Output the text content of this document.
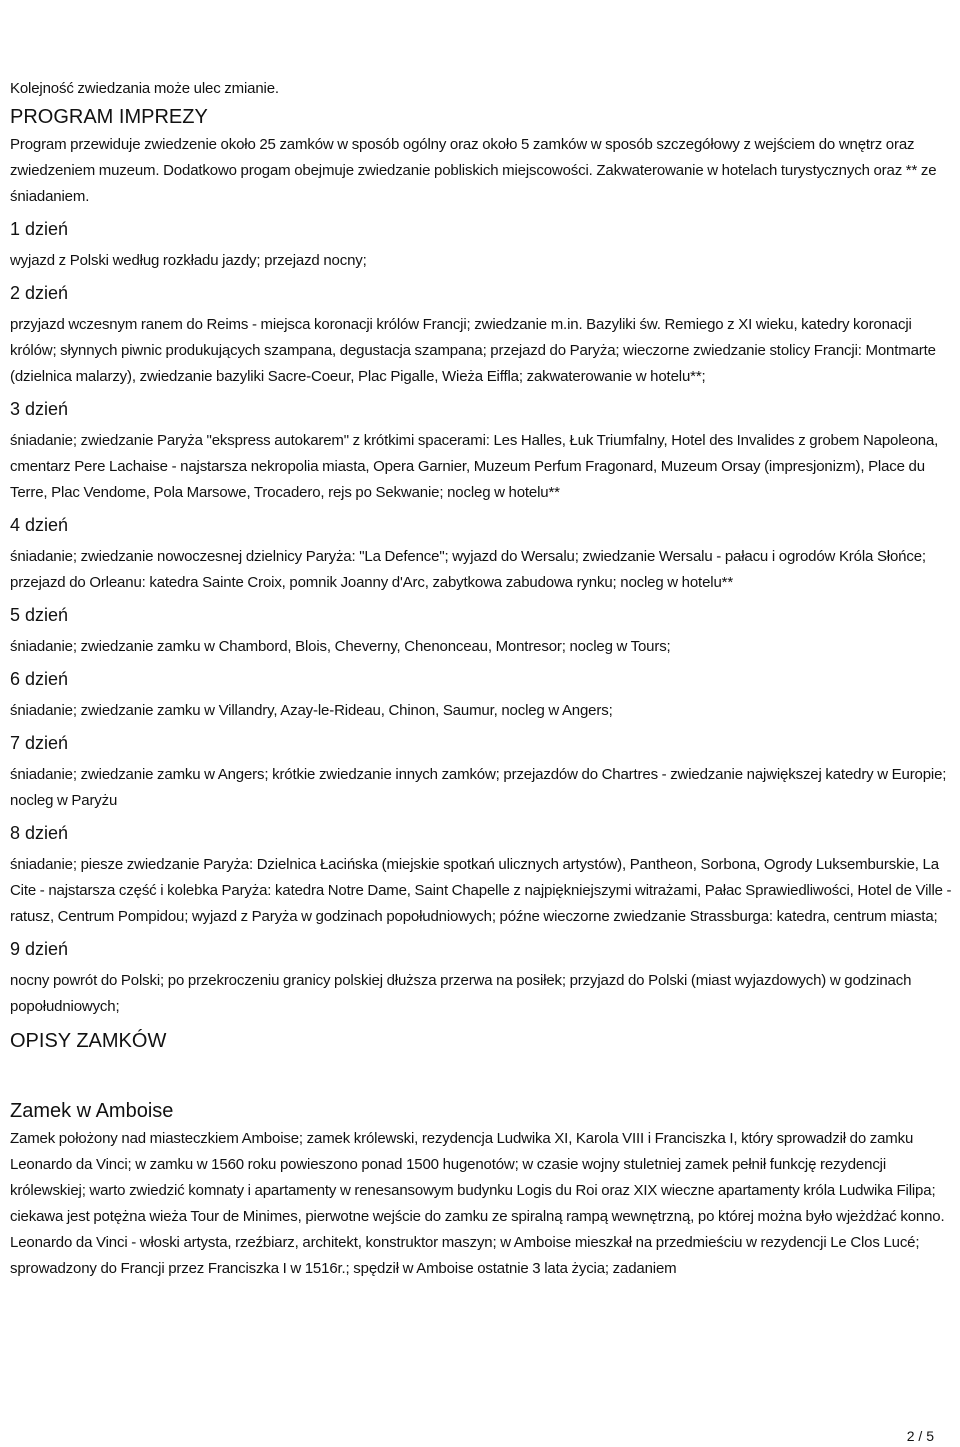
Kolejność zwiedzania może ulec zmianie.

PROGRAM IMPREZY

Program przewiduje zwiedzenie około 25 zamków w sposób ogólny oraz około 5 zamków w sposób szczegółowy z wejściem do wnętrz oraz zwiedzeniem muzeum. Dodatkowo progam obejmuje zwiedzanie pobliskich miejscowości. Zakwaterowanie w hotelach turystycznych oraz ** ze śniadaniem.

1 dzień

wyjazd z Polski według rozkładu jazdy; przejazd nocny;

2 dzień

przyjazd wczesnym ranem do Reims - miejsca koronacji królów Francji; zwiedzanie m.in. Bazyliki św. Remiego z XI wieku, katedry koronacji królów; słynnych piwnic produkujących szampana, degustacja szampana; przejazd do Paryża; wieczorne zwiedzanie stolicy Francji: Montmarte (dzielnica malarzy), zwiedzanie bazyliki Sacre-Coeur, Plac Pigalle, Wieża Eiffla; zakwaterowanie w hotelu**;

3 dzień

śniadanie; zwiedzanie Paryża "ekspress autokarem" z krótkimi spacerami: Les Halles, Łuk Triumfalny, Hotel des Invalides z grobem Napoleona, cmentarz Pere Lachaise - najstarsza nekropolia miasta, Opera Garnier, Muzeum Perfum Fragonard, Muzeum Orsay (impresjonizm), Place du Terre, Plac Vendome, Pola Marsowe, Trocadero, rejs po Sekwanie; nocleg w hotelu**

4 dzień

śniadanie; zwiedzanie nowoczesnej dzielnicy Paryża: "La Defence"; wyjazd do Wersalu; zwiedzanie Wersalu - pałacu i ogrodów Króla Słońce; przejazd do Orleanu: katedra Sainte Croix, pomnik Joanny d'Arc, zabytkowa zabudowa rynku; nocleg w hotelu**

5 dzień

śniadanie; zwiedzanie zamku w Chambord, Blois, Cheverny, Chenonceau, Montresor; nocleg w Tours;

6 dzień

śniadanie; zwiedzanie zamku w Villandry, Azay-le-Rideau, Chinon, Saumur, nocleg w Angers;

7 dzień

śniadanie; zwiedzanie zamku w Angers; krótkie zwiedzanie innych zamków; przejazdów do Chartres - zwiedzanie największej katedry w Europie; nocleg w Paryżu

8 dzień

śniadanie; piesze zwiedzanie Paryża: Dzielnica Łacińska (miejskie spotkań ulicznych artystów), Pantheon, Sorbona, Ogrody Luksemburskie, La Cite - najstarsza część i kolebka Paryża: katedra Notre Dame, Saint Chapelle z najpiękniejszymi witrażami, Pałac Sprawiedliwości, Hotel de Ville - ratusz, Centrum Pompidou; wyjazd z Paryża w godzinach popołudniowych; późne wieczorne zwiedzanie Strassburga: katedra, centrum miasta;

9 dzień

nocny powrót do Polski; po przekroczeniu granicy polskiej dłuższa przerwa na posiłek; przyjazd do Polski (miast wyjazdowych) w godzinach popołudniowych;

OPISY ZAMKÓW
Zamek w Amboise

Zamek położony nad miasteczkiem Amboise; zamek królewski, rezydencja Ludwika XI, Karola VIII i Franciszka I, który sprowadził do zamku Leonardo da Vinci; w zamku w 1560 roku powieszono ponad 1500 hugenotów; w czasie wojny stuletniej zamek pełnił funkcję rezydencji królewskiej; warto zwiedzić komnaty i apartamenty w renesansowym budynku Logis du Roi oraz XIX wieczne apartamenty króla Ludwika Filipa; ciekawa jest potężna wieża Tour de Minimes, pierwotne wejście do zamku ze spiralną rampą wewnętrzną, po której można było wjeżdżać konno.

Leonardo da Vinci - włoski artysta, rzeźbiarz, architekt, konstruktor maszyn; w Amboise mieszkał na przedmieściu w rezydencji Le Clos Lucé; sprowadzony do Francji przez Franciszka I w 1516r.; spędził w Amboise ostatnie 3 lata życia; zadaniem

2 / 5
